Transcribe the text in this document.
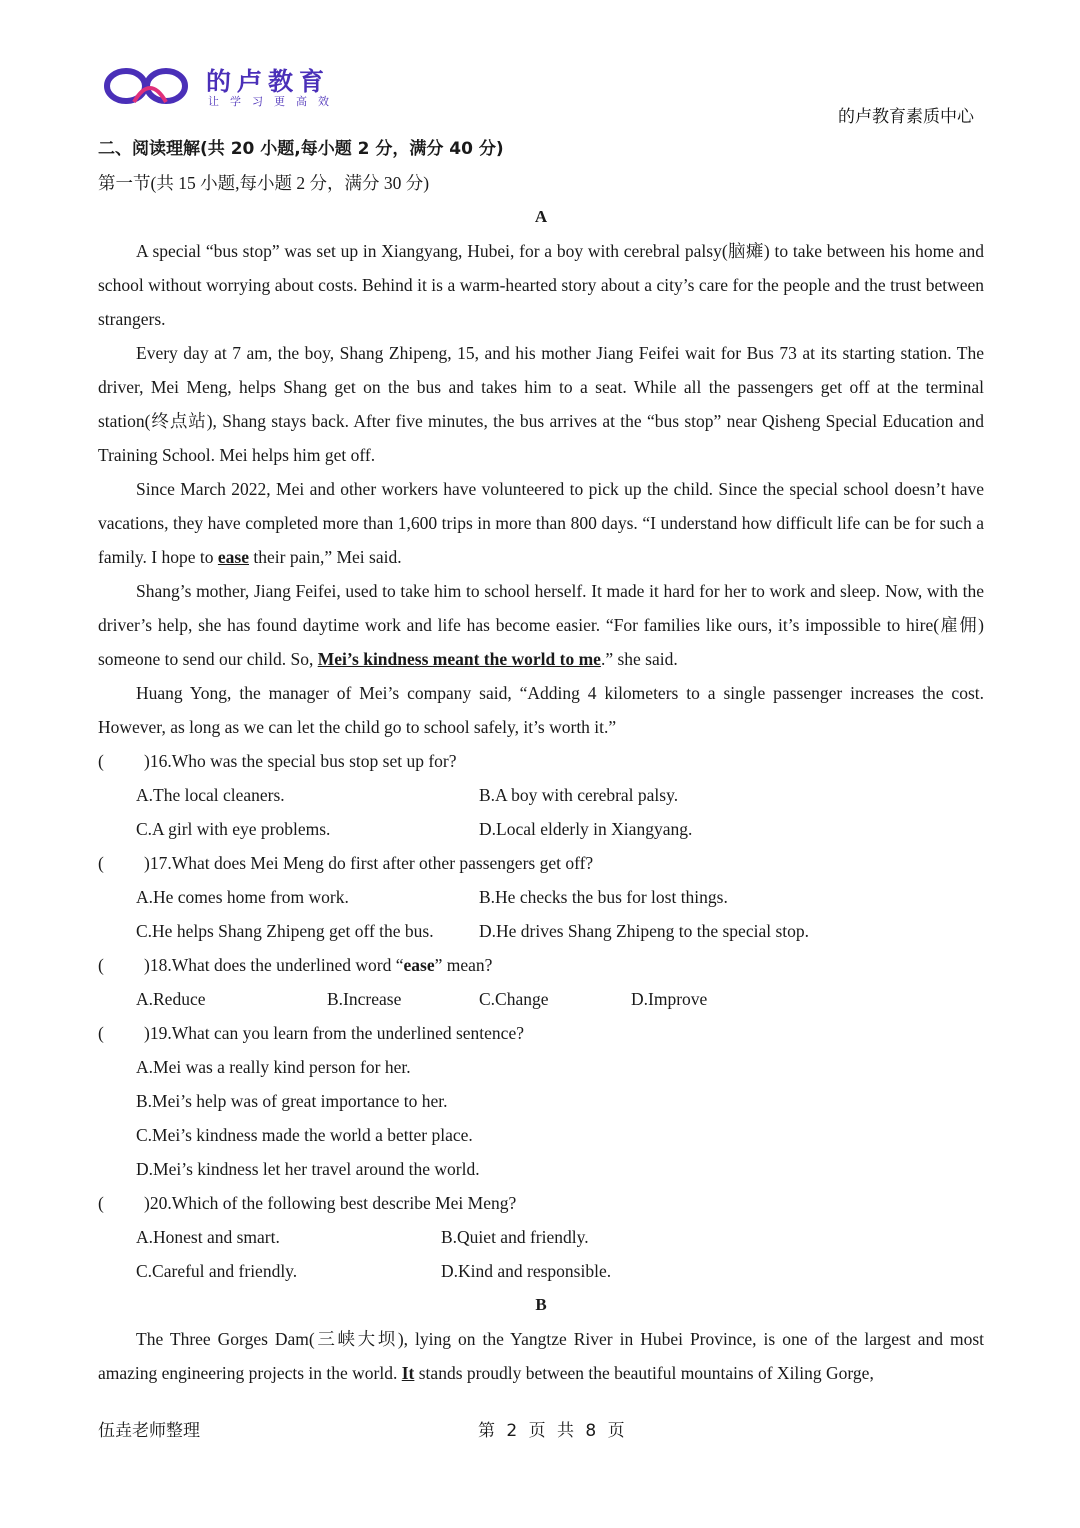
的卢教育
让学习更高效
的卢教育素质中心
二、阅读理解(共 20 小题,每小题 2 分，满分 40 分)
第一节(共 15 小题,每小题 2 分，满分 30 分)
A

A special “bus stop” was set up in Xiangyang, Hubei, for a boy with cerebral palsy(脑瘫) to take between his home and school without worrying about costs. Behind it is a warm-hearted story about a city’s care for the people and the trust between strangers.

Every day at 7 am, the boy, Shang Zhipeng, 15, and his mother Jiang Feifei wait for Bus 73 at its starting station. The driver, Mei Meng, helps Shang get on the bus and takes him to a seat. While all the passengers get off at the terminal station(终点站), Shang stays back. After five minutes, the bus arrives at the “bus stop” near Qisheng Special Education and Training School. Mei helps him get off.

Since March 2022, Mei and other workers have volunteered to pick up the child. Since the special school doesn’t have vacations, they have completed more than 1,600 trips in more than 800 days. “I understand how difficult life can be for such a family. I hope to ease their pain,” Mei said.

Shang’s mother, Jiang Feifei, used to take him to school herself. It made it hard for her to work and sleep. Now, with the driver’s help, she has found daytime work and life has become easier. “For families like ours, it’s impossible to hire(雇佣) someone to send our child. So, Mei’s kindness meant the world to me.” she said.

Huang Yong, the manager of Mei’s company said, “Adding 4 kilometers to a single passenger increases the cost. However, as long as we can let the child go to school safely, it’s worth it.”

( )16.Who was the special bus stop set up for?
A.The local cleaners.	B.A boy with cerebral palsy.
C.A girl with eye problems.	D.Local elderly in Xiangyang.
( )17.What does Mei Meng do first after other passengers get off?
A.He comes home from work.	B.He checks the bus for lost things.
C.He helps Shang Zhipeng get off the bus.	D.He drives Shang Zhipeng to the special stop.
( )18.What does the underlined word “ease” mean?
A.Reduce	B.Increase	C.Change	D.Improve
( )19.What can you learn from the underlined sentence?
A.Mei was a really kind person for her.
B.Mei’s help was of great importance to her.
C.Mei’s kindness made the world a better place.
D.Mei’s kindness let her travel around the world.
( )20.Which of the following best describe Mei Meng?
A.Honest and smart.	B.Quiet and friendly.
C.Careful and friendly.	D.Kind and responsible.
B

The Three Gorges Dam(三峡大坝), lying on the Yangtze River in Hubei Province, is one of the largest and most amazing engineering projects in the world. It stands proudly between the beautiful mountains of Xiling Gorge,

伍垚老师整理	第 2 页 共 8 页
